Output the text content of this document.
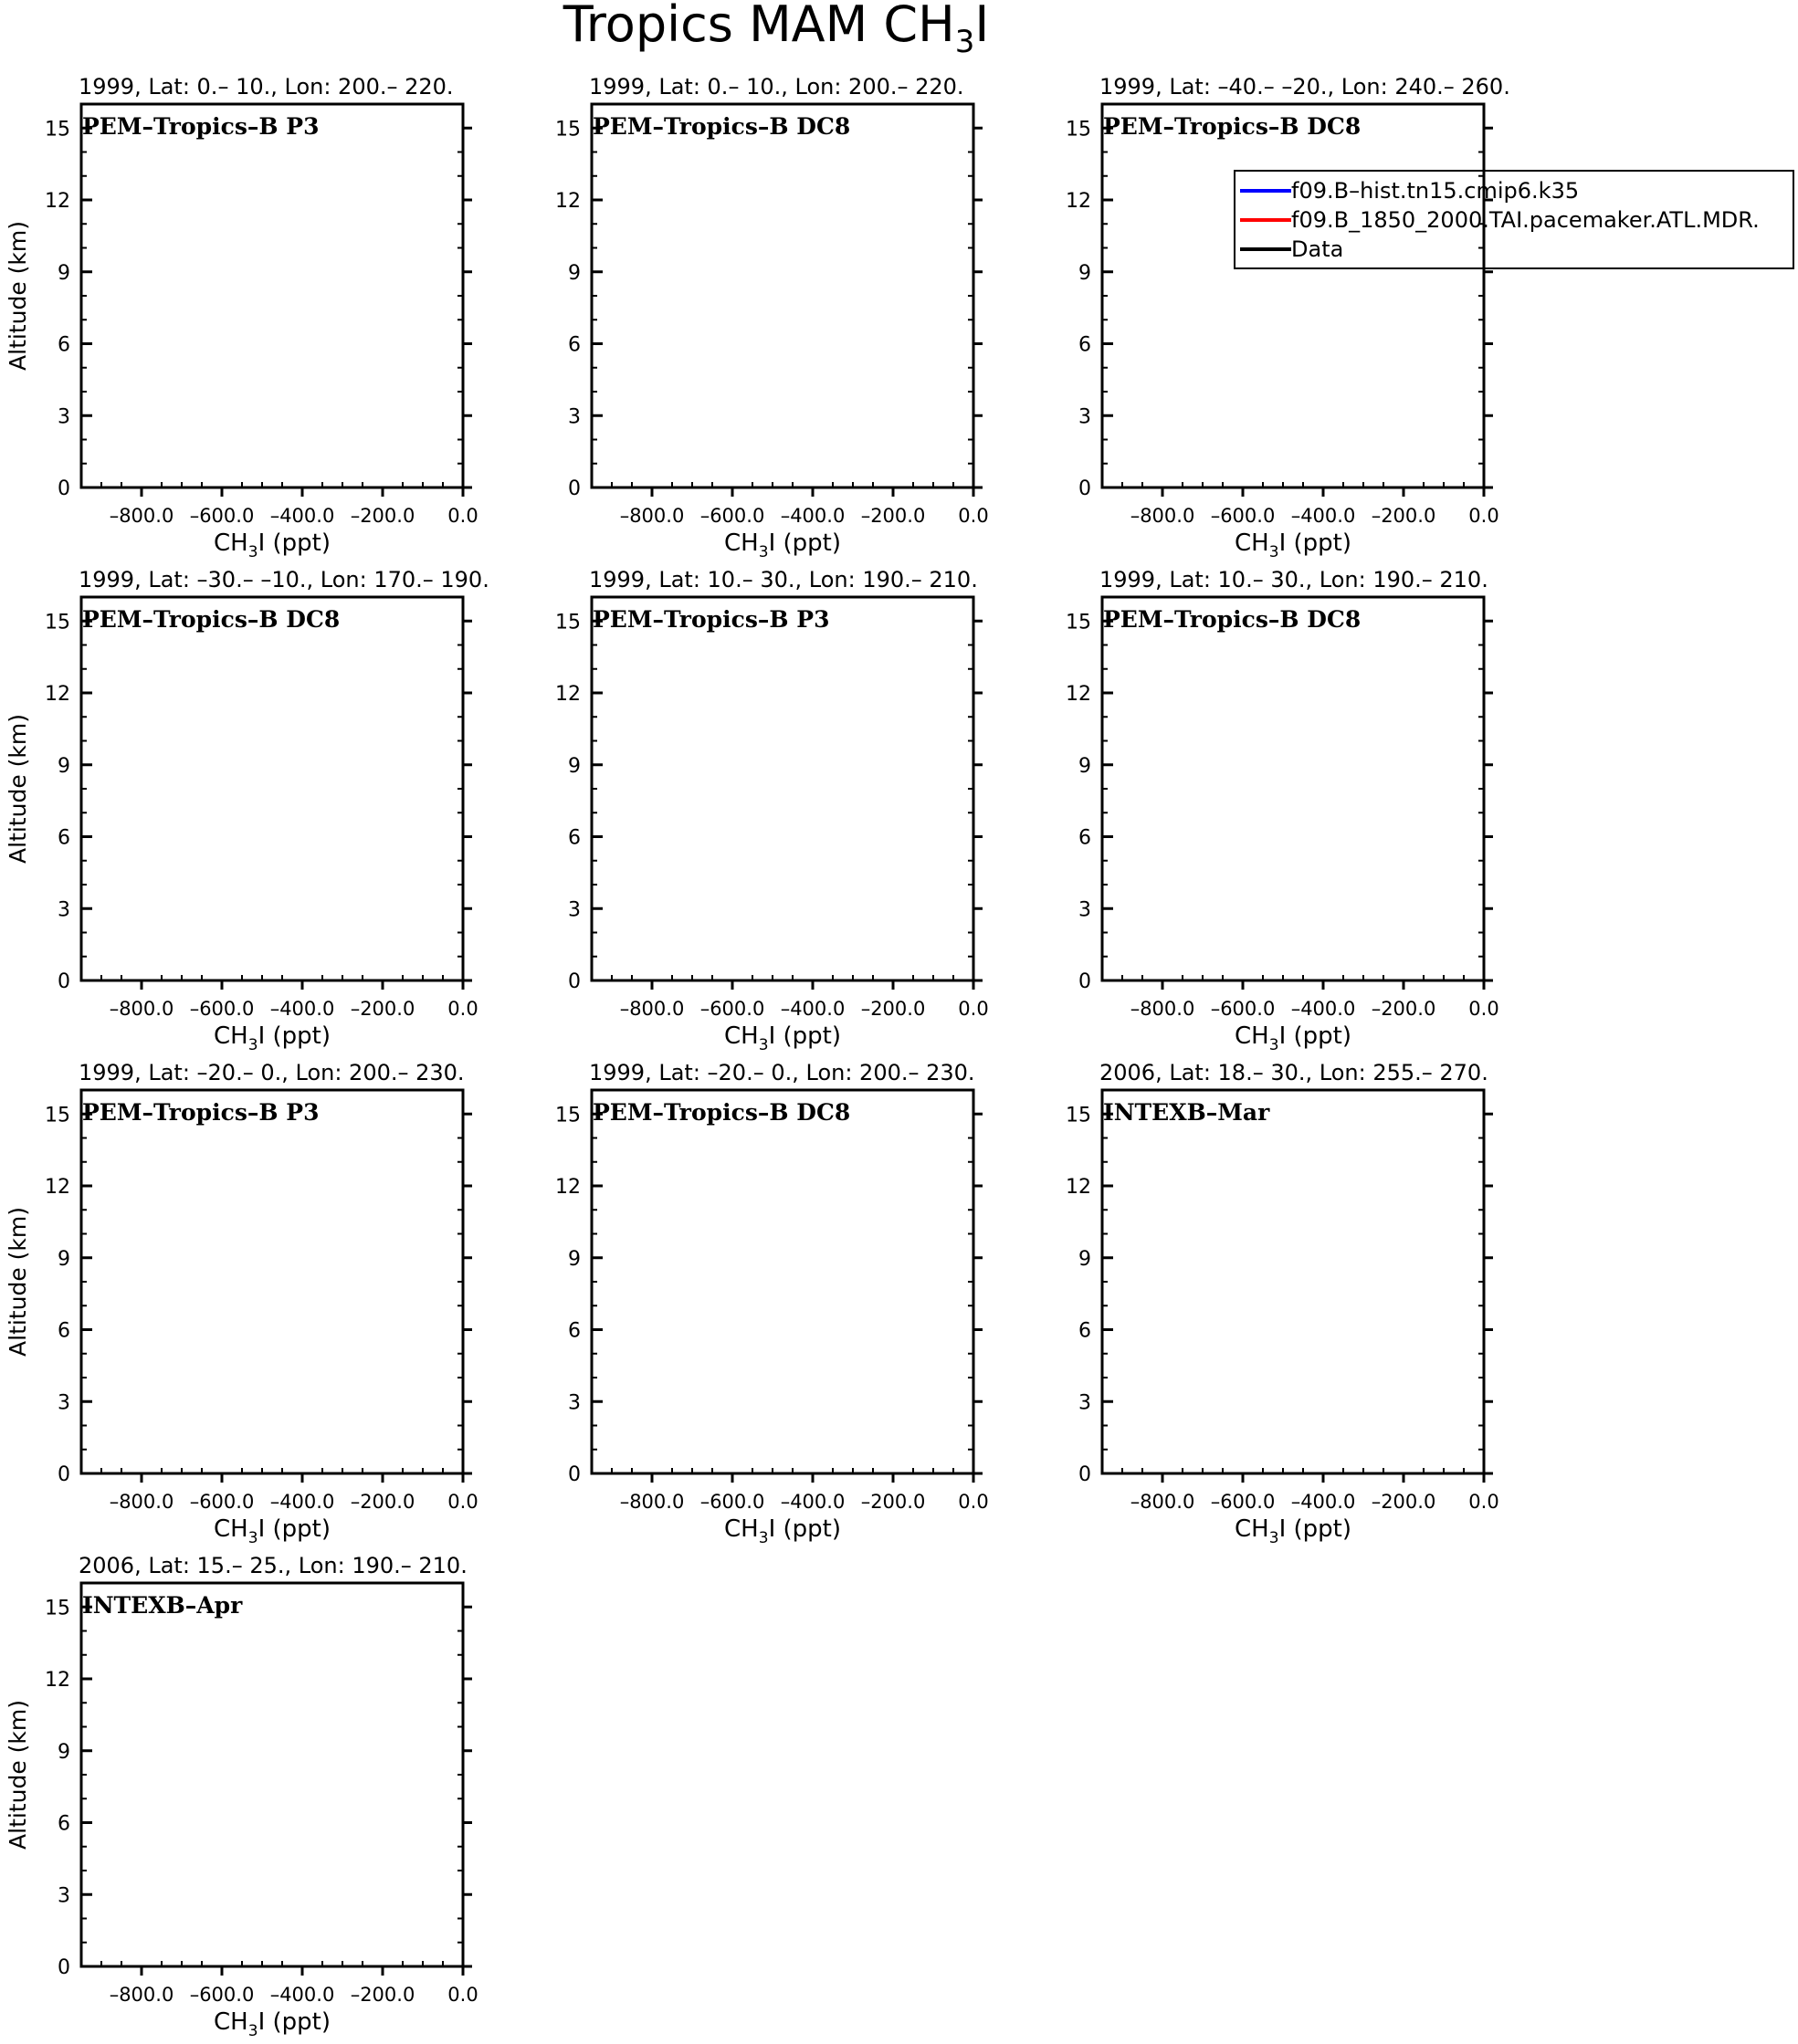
Tropics MAM $CH_3I$
1999, Lat: 0.– 10., Lon: 200.– 220.
PEM–Tropics–B P3
0
3
6
9
12
15
–800.0 –600.0 –400.0 –200.0 0.0
$CH_3I$ (ppt)
Altitude (km)
1999, Lat: 0.– 10., Lon: 200.– 220.
PEM–Tropics–B DC8
0
3
6
9
12
15
–800.0 –600.0 –400.0 –200.0 0.0
$CH_3I$ (ppt)
1999, Lat: –40.– –20., Lon: 240.– 260.
PEM–Tropics–B DC8
0
3
6
9
12
15
–800.0 –600.0 –400.0 –200.0 0.0
$CH_3I$ (ppt)
f09.B–hist.tn15.cmip6.k35
f09.B_1850_2000.TAI.pacemaker.ATL.MDR.
Data
1999, Lat: –30.– –10., Lon: 170.– 190.
PEM–Tropics–B DC8
0
3
6
9
12
15
–800.0 –600.0 –400.0 –200.0 0.0
$CH_3I$ (ppt)
Altitude (km)
1999, Lat: 10.– 30., Lon: 190.– 210.
PEM–Tropics–B P3
0
3
6
9
12
15
–800.0 –600.0 –400.0 –200.0 0.0
$CH_3I$ (ppt)
1999, Lat: 10.– 30., Lon: 190.– 210.
PEM–Tropics–B DC8
0
3
6
9
12
15
–800.0 –600.0 –400.0 –200.0 0.0
$CH_3I$ (ppt)
1999, Lat: –20.– 0., Lon: 200.– 230.
PEM–Tropics–B P3
0
3
6
9
12
15
–800.0 –600.0 –400.0 –200.0 0.0
$CH_3I$ (ppt)
Altitude (km)
1999, Lat: –20.– 0., Lon: 200.– 230.
PEM–Tropics–B DC8
0
3
6
9
12
15
–800.0 –600.0 –400.0 –200.0 0.0
$CH_3I$ (ppt)
2006, Lat: 18.– 30., Lon: 255.– 270.
INTEXB–Mar
0
3
6
9
12
15
–800.0 –600.0 –400.0 –200.0 0.0
$CH_3I$ (ppt)
2006, Lat: 15.– 25., Lon: 190.– 210.
INTEXB–Apr
0
3
6
9
12
15
–800.0 –600.0 –400.0 –200.0 0.0
$CH_3I$ (ppt)
Altitude (km)
